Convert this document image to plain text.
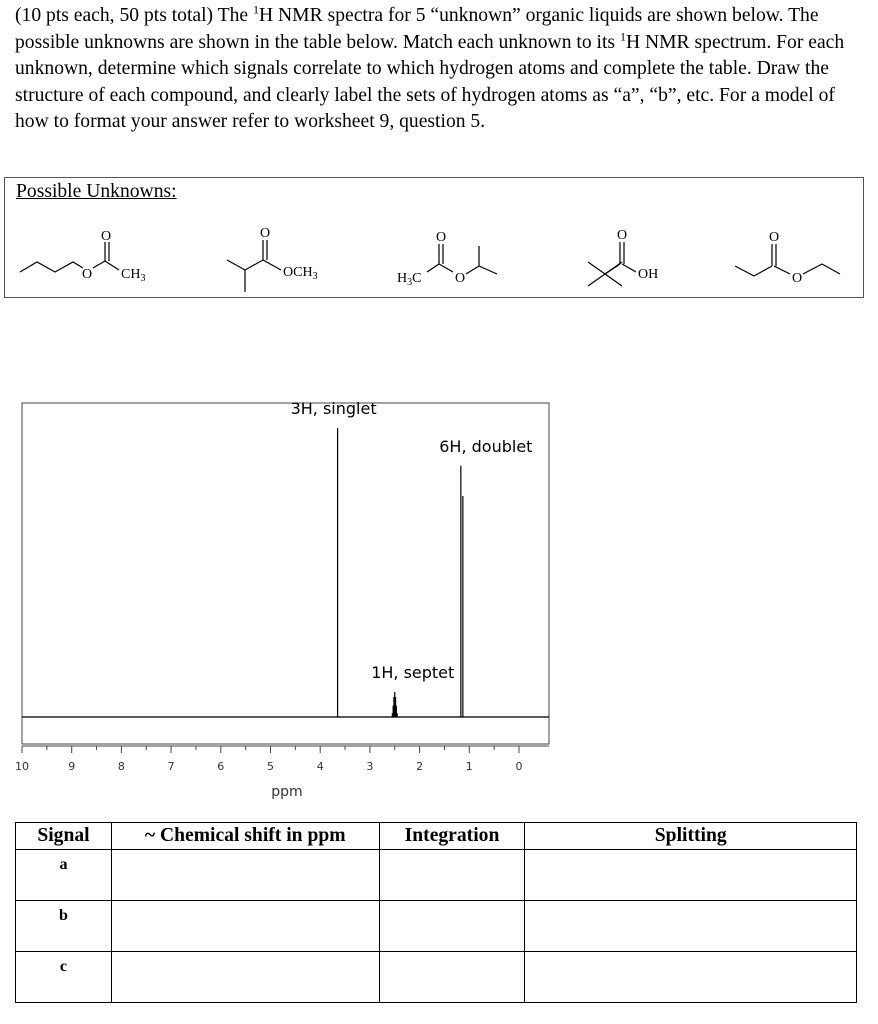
(10 pts each, 50 pts total) The $^1$H NMR spectra for 5 “unknown” organic liquids are shown below. The possible unknowns are shown in the table below. Match each unknown to its $^1$H NMR spectrum. For each unknown, determine which signals correlate to which hydrogen atoms and complete the table. Draw the structure of each compound, and clearly label the sets of hydrogen atoms as “a”, “b”, etc. For a model of how to format your answer refer to worksheet 9, question 5.
Possible Unknowns:
O
O
$CH_3$
O
$OCH_3$	$H_3C$
O
O
O
OH
O
O
10	9	8	7	6	5	4	3	2	1	0
3H, singlet
1H, septet
6H, doublet
ppm
Signal	~ Chemical shift in ppm	Integration	Splitting
a			
b			
c			
